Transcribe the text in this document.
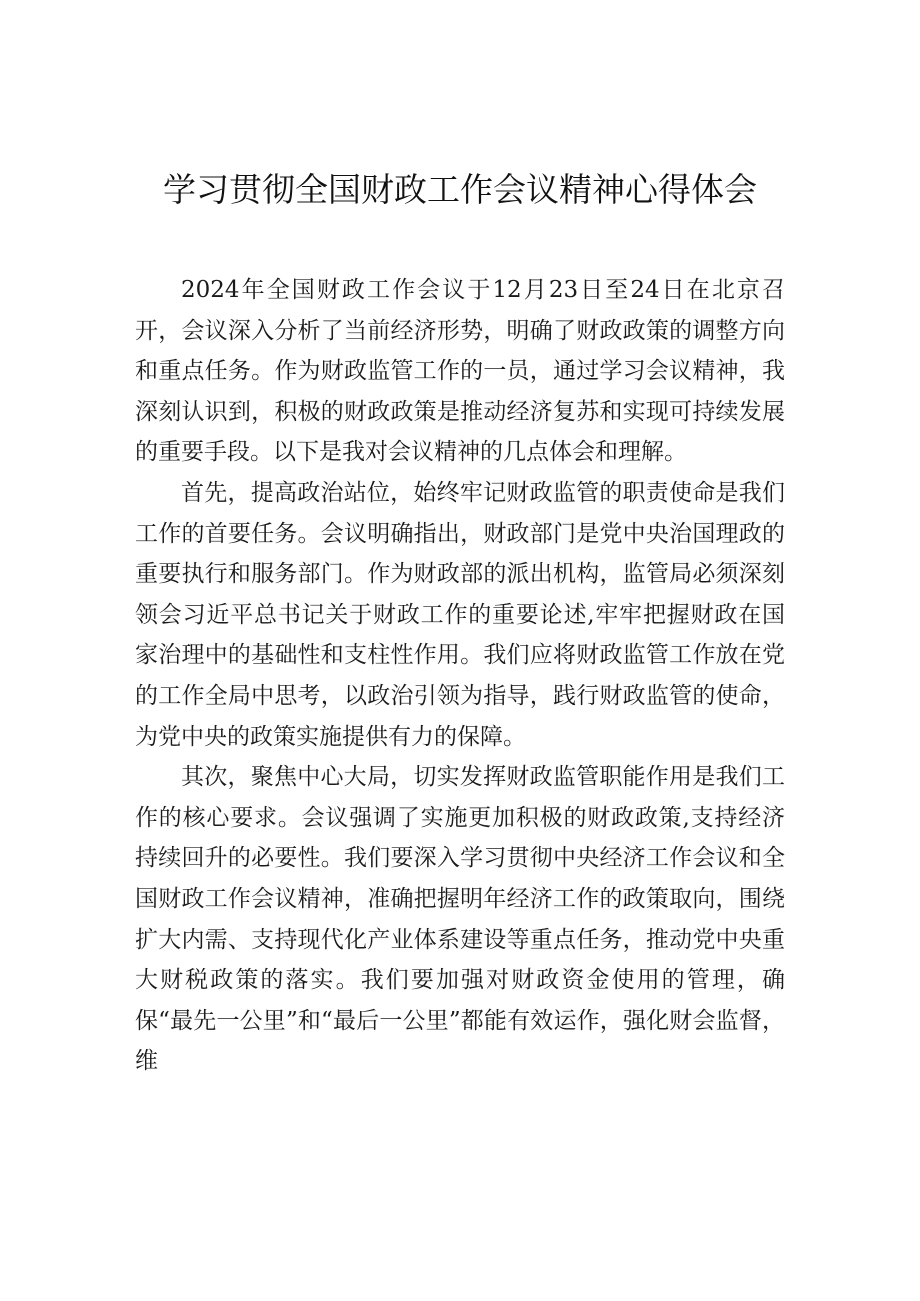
学习贯彻全国财政工作会议精神心得体会

2024年全国财政工作会议于12月23日至24日在北京召开，会议深入分析了当前经济形势，明确了财政政策的调整方向和重点任务。作为财政监管工作的一员，通过学习会议精神，我深刻认识到，积极的财政政策是推动经济复苏和实现可持续发展的重要手段。以下是我对会议精神的几点体会和理解。

首先，提高政治站位，始终牢记财政监管的职责使命是我们工作的首要任务。会议明确指出，财政部门是党中央治国理政的重要执行和服务部门。作为财政部的派出机构，监管局必须深刻领会习近平总书记关于财政工作的重要论述,牢牢把握财政在国家治理中的基础性和支柱性作用。我们应将财政监管工作放在党的工作全局中思考，以政治引领为指导，践行财政监管的使命，为党中央的政策实施提供有力的保障。

其次，聚焦中心大局，切实发挥财政监管职能作用是我们工作的核心要求。会议强调了实施更加积极的财政政策,支持经济持续回升的必要性。我们要深入学习贯彻中央经济工作会议和全国财政工作会议精神，准确把握明年经济工作的政策取向，围绕扩大内需、支持现代化产业体系建设等重点任务，推动党中央重大财税政策的落实。我们要加强对财政资金使用的管理，确保“最先一公里”和“最后一公里”都能有效运作，强化财会监督，维
